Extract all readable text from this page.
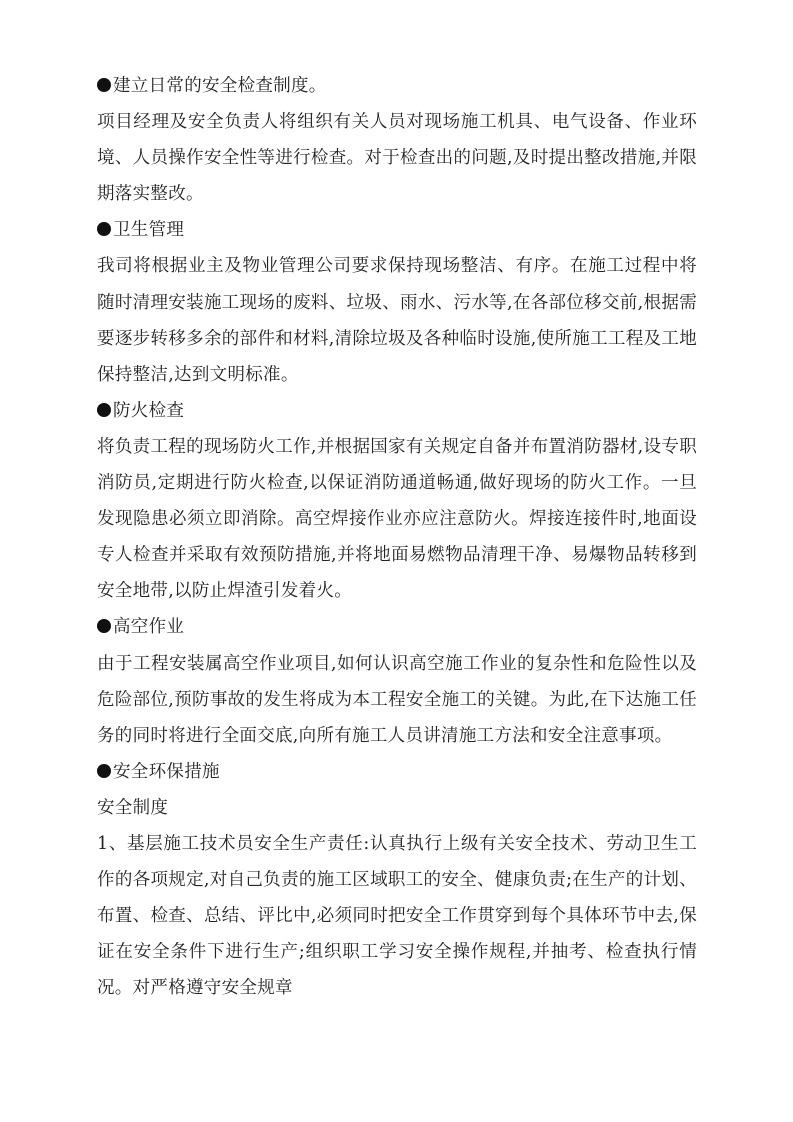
建立日常的安全检查制度。
项目经理及安全负责人将组织有关人员对现场施工机具、电气设备、作业环境、人员操作安全性等进行检查。对于检查出的问题,及时提出整改措施,并限期落实整改。
卫生管理
我司将根据业主及物业管理公司要求保持现场整洁、有序。在施工过程中将随时清理安装施工现场的废料、垃圾、雨水、污水等,在各部位移交前,根据需要逐步转移多余的部件和材料,清除垃圾及各种临时设施,使所施工工程及工地保持整洁,达到文明标准。
防火检查
将负责工程的现场防火工作,并根据国家有关规定自备并布置消防器材,设专职消防员,定期进行防火检查,以保证消防通道畅通,做好现场的防火工作。一旦发现隐患必须立即消除。高空焊接作业亦应注意防火。焊接连接件时,地面设专人检查并采取有效预防措施,并将地面易燃物品清理干净、易爆物品转移到安全地带,以防止焊渣引发着火。
高空作业
由于工程安装属高空作业项目,如何认识高空施工作业的复杂性和危险性以及危险部位,预防事故的发生将成为本工程安全施工的关键。为此,在下达施工任务的同时将进行全面交底,向所有施工人员讲清施工方法和安全注意事项。
安全环保措施
安全制度
1、基层施工技术员安全生产责任:认真执行上级有关安全技术、劳动卫生工作的各项规定,对自己负责的施工区域职工的安全、健康负责;在生产的计划、布置、检查、总结、评比中,必须同时把安全工作贯穿到每个具体环节中去,保证在安全条件下进行生产;组织职工学习安全操作规程,并抽考、检查执行情况。对严格遵守安全规章
